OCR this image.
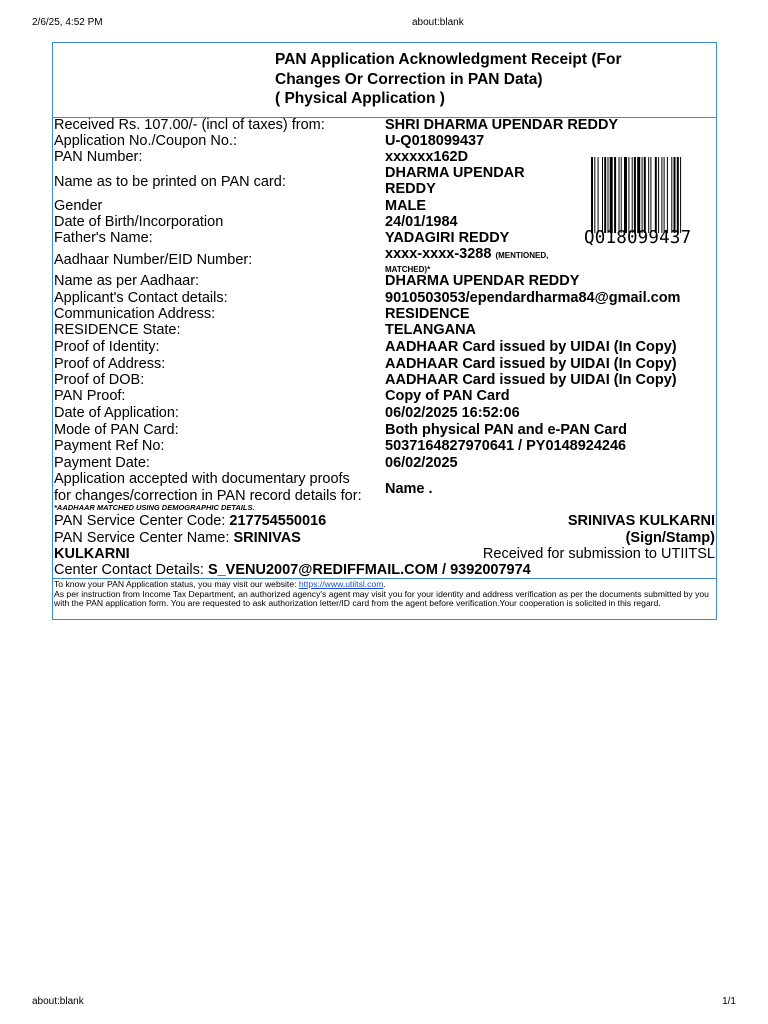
2/6/25, 4:52 PM	about:blank
PAN Application Acknowledgment Receipt (For
Changes Or Correction in PAN Data)
( Physical Application )
Received Rs. 107.00/- (incl of taxes) from:	SHRI DHARMA UPENDAR REDDY
Application No./Coupon No.:	U-Q018099437
PAN Number:	xxxxxx162D
Name as to be printed on PAN card:
DHARMA UPENDAR
REDDY
Gender	MALE
Date of Birth/Incorporation	24/01/1984
Father's Name:	YADAGIRI REDDY
Aadhaar Number/EID Number:	xxxx-xxxx-3288 (MENTIONED,
MATCHED)*
Name as per Aadhaar:	DHARMA UPENDAR REDDY
Applicant's Contact details:	9010503053/ependardharma84@gmail.com
Communication Address:	RESIDENCE
RESIDENCE State:	TELANGANA
Proof of Identity:	AADHAAR Card issued by UIDAI (In Copy)
Proof of Address:	AADHAAR Card issued by UIDAI (In Copy)
Proof of DOB:	AADHAAR Card issued by UIDAI (In Copy)
PAN Proof:	Copy of PAN Card
Date of Application:	06/02/2025 16:52:06
Mode of PAN Card:	Both physical PAN and e-PAN Card
Payment Ref No:	5037164827970641 / PY0148924246
Payment Date:	06/02/2025
Application accepted with documentary proofs
for changes/correction in PAN record details for: Name .
Q018099437
*AADHAAR MATCHED USING DEMOGRAPHIC DETAILS.
PAN Service Center Code: 217754550016	SRINIVAS KULKARNI
PAN Service Center Name: SRINIVAS	(Sign/Stamp)
KULKARNI	Received for submission to UTIITSL
Center Contact Details: S_VENU2007@REDIFFMAIL.COM / 9392007974
To know your PAN Application status, you may visit our website: https://www.utiitsl.com.
As per instruction from Income Tax Department, an authorized agency's agent may visit you for your identity and address verification as per the documents submitted by you with the PAN application form. You are requested to ask authorization letter/ID card from the agent before verification.Your cooperation is solicited in this regard.
about:blank	1/1
